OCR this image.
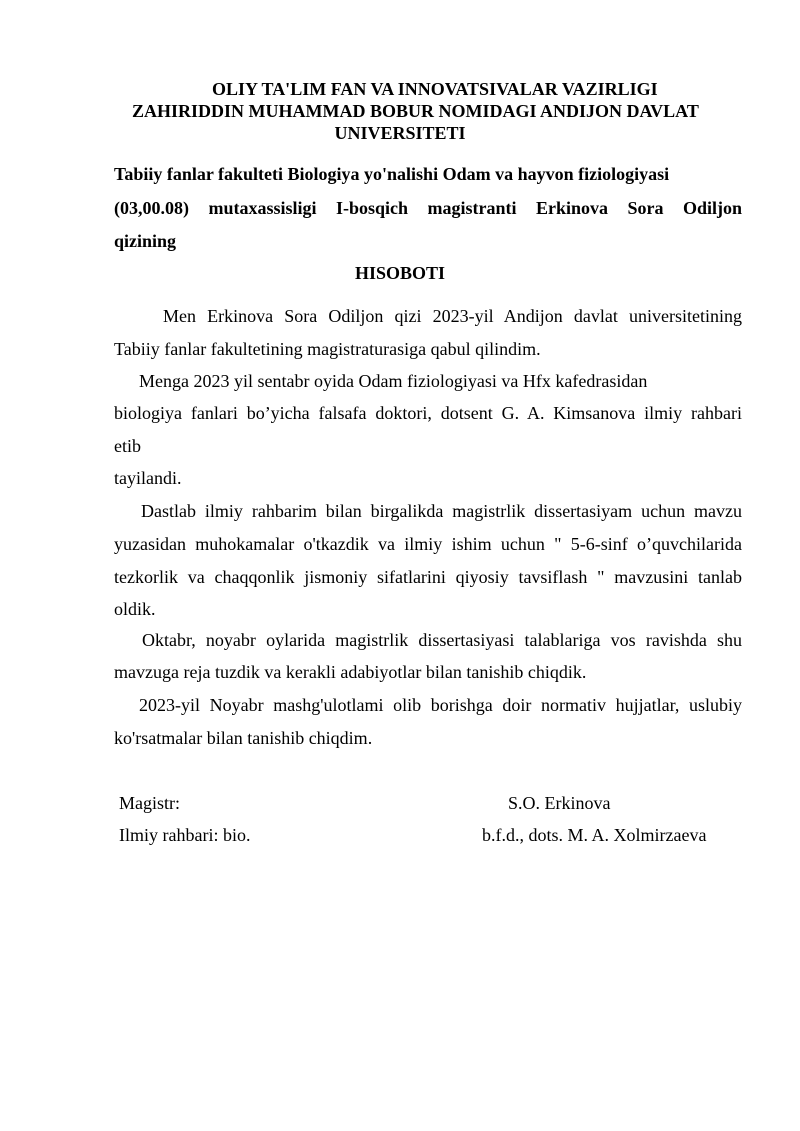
OLIY TA'LIM FAN VA INNOVATSIVALAR VAZIRLIGI

ZAHIRIDDIN MUHAMMAD BOBUR NOMIDAGI ANDIJON DAVLAT

UNIVERSITETI

Tabiiy fanlar fakulteti Biologiya yo'nalishi Odam va hayvon fiziologiyasi

(03,00.08) mutaxassisligi I-bosqich magistranti Erkinova Sora Odiljon

qizining

HISOBOTI

Men Erkinova Sora Odiljon qizi 2023-yil Andijon davlat universitetining

Tabiiy fanlar fakultetining magistraturasiga qabul qilindim.

Menga 2023 yil sentabr oyida Odam fiziologiyasi va Hfx kafedrasidan

biologiya fanlari bo’yicha falsafa doktori, dotsent G. A. Kimsanova ilmiy rahbari

etib

tayilandi.

Dastlab ilmiy rahbarim bilan birgalikda magistrlik dissertasiyam uchun mavzu

yuzasidan muhokamalar o'tkazdik va ilmiy ishim uchun " 5-6-sinf o’quvchilarida

tezkorlik va chaqqonlik jismoniy sifatlarini qiyosiy tavsiflash " mavzusini tanlab

oldik.

Oktabr, noyabr oylarida magistrlik dissertasiyasi talablariga vos ravishda shu

mavzuga reja tuzdik va kerakli adabiyotlar bilan tanishib chiqdik.

2023-yil Noyabr mashg'ulotlami olib borishga doir normativ hujjatlar, uslubiy

ko'rsatmalar bilan tanishib chiqdim.

Magistr:	S.O. Erkinova

Ilmiy rahbari: bio.	b.f.d., dots. M. A. Xolmirzaeva
